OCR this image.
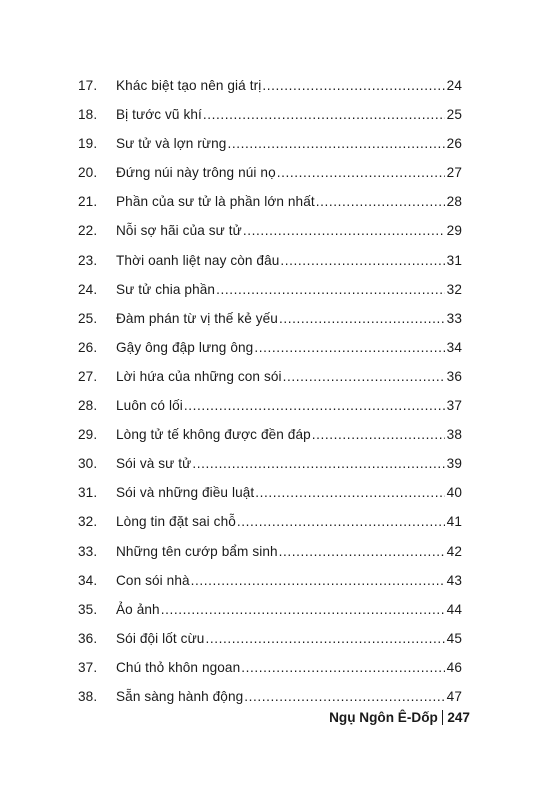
17.	Khác biệt tạo nên giá trị .....	24
18.	Bị tước vũ khí .....	25
19.	Sư tử và lợn rừng .....	26
20.	Đứng núi này trông núi nọ .....	27
21.	Phần của sư tử là phần lớn nhất .....	28
22.	Nỗi sợ hãi của sư tử .....	29
23.	Thời oanh liệt nay còn đâu .....	31
24.	Sư tử chia phần .....	32
25.	Đàm phán từ vị thế kẻ yếu .....	33
26.	Gậy ông đập lưng ông .....	34
27.	Lời hứa của những con sói .....	36
28.	Luôn có lối .....	37
29.	Lòng tử tế không được đền đáp .....	38
30.	Sói và sư tử .....	39
31.	Sói và những điều luật .....	40
32.	Lòng tin đặt sai chỗ .....	41
33.	Những tên cướp bẩm sinh .....	42
34.	Con sói nhà .....	43
35.	Ảo ảnh .....	44
36.	Sói đội lốt cừu .....	45
37.	Chú thỏ khôn ngoan .....	46
38.	Sẵn sàng hành động .....	47
Ngụ Ngôn Ê-Dốp 247
